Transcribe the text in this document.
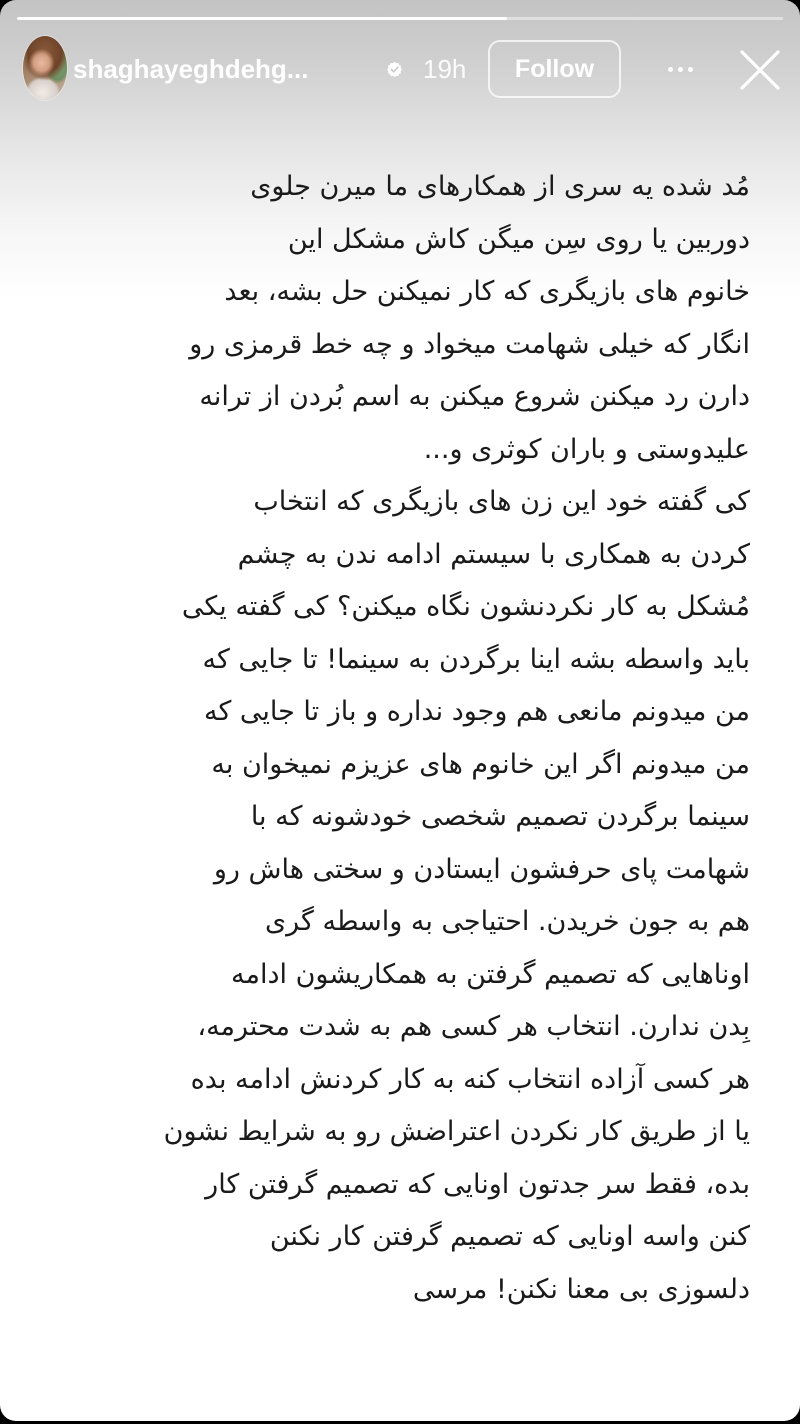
shaghayeghdehg...	19h	Follow
مُد شده یه سری از همکارهای ما میرن جلوی
دوربین یا روی سِن میگن کاش مشکل این
خانوم های بازیگری که کار نمیکنن حل بشه، بعد
انگار که خیلی شهامت میخواد و چه خط قرمزی رو
دارن رد میکنن شروع میکنن به اسم بُردن از ترانه
علیدوستی و باران کوثری و...
کی گفته خود این زن های بازیگری که انتخاب
کردن به همکاری با سیستم ادامه ندن به چشم
مُشکل به کار نکردنشون نگاه میکنن؟ کی گفته یکی
باید واسطه بشه اینا برگردن به سینما! تا جایی که
من میدونم مانعی هم وجود نداره و باز تا جایی که
من میدونم اگر این خانوم های عزیزم نمیخوان به
سینما برگردن تصمیم شخصی خودشونه که با
شهامت پای حرفشون ایستادن و سختی هاش رو
هم به جون خریدن. احتیاجی به واسطه گری
اوناهایی که تصمیم گرفتن به همکاریشون ادامه
بِدن ندارن. انتخاب هر کسی هم به شدت محترمه،
هر کسی آزاده انتخاب کنه به کار کردنش ادامه بده
یا از طریق کار نکردن اعتراضش رو به شرایط نشون
بده، فقط سر جدتون اونایی که تصمیم گرفتن کار
کنن واسه اونایی که تصمیم گرفتن کار نکنن
دلسوزی بی معنا نکنن! مرسی
